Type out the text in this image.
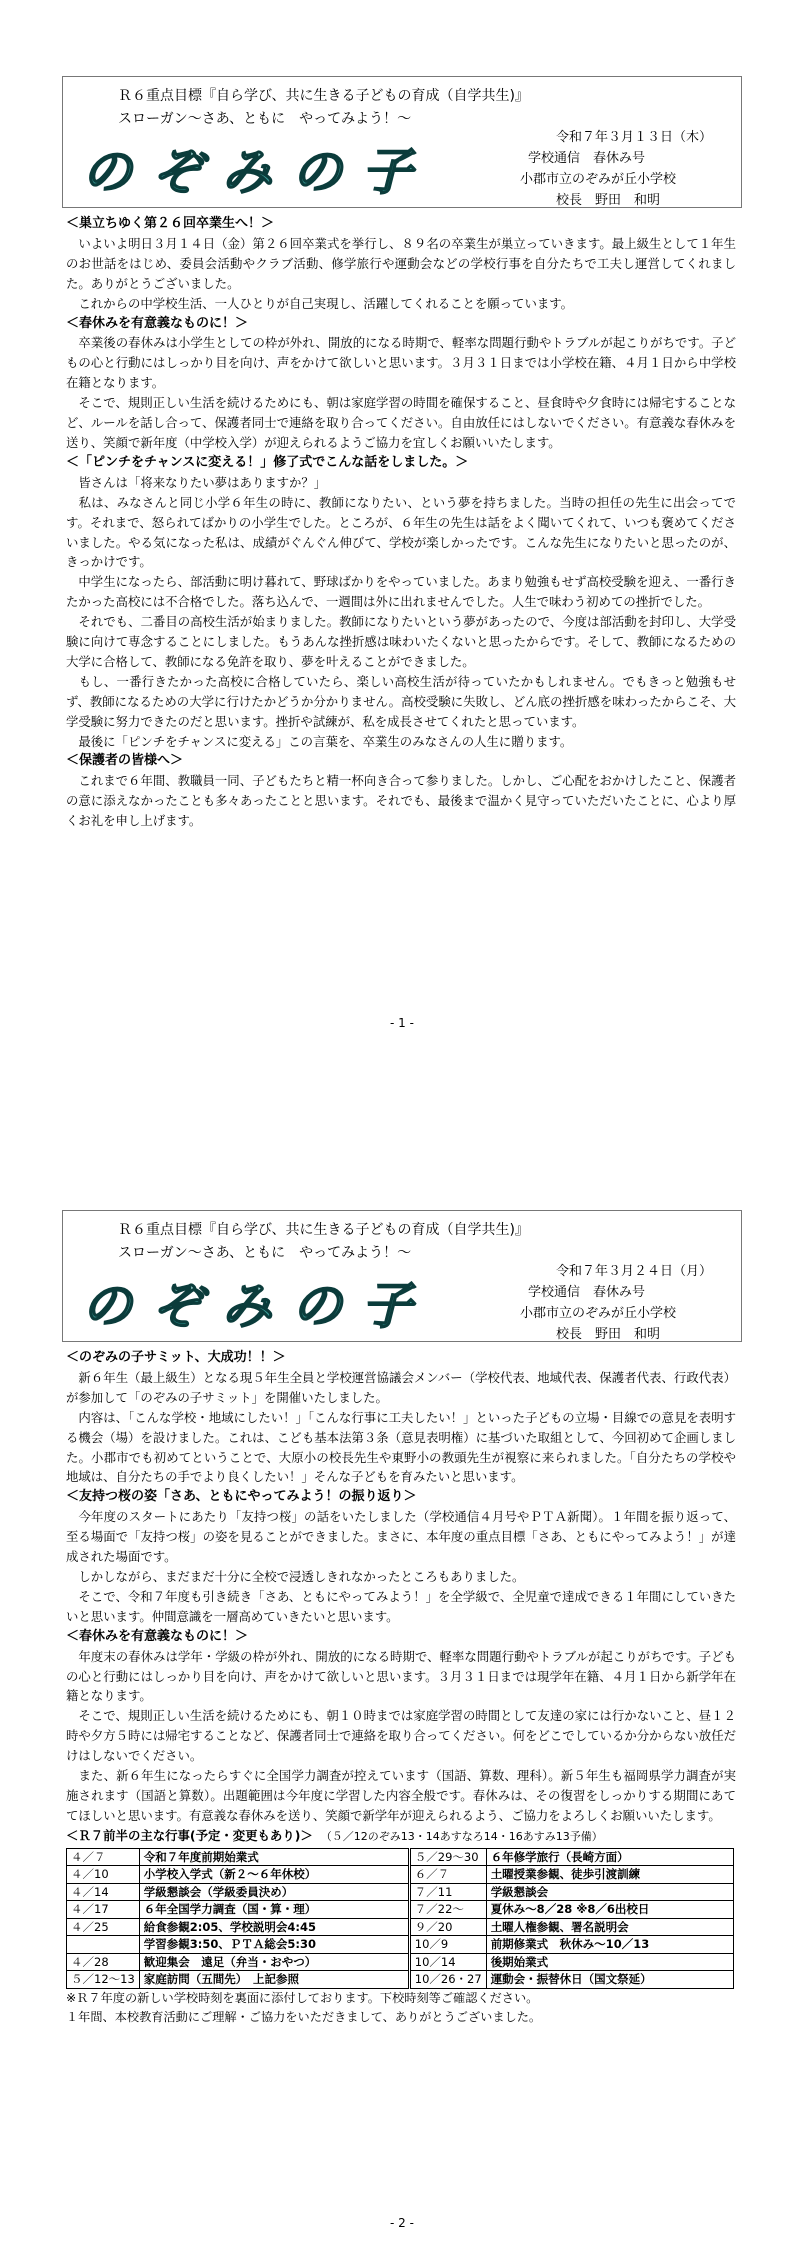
Ｒ６重点目標『自ら学び、共に生きる子どもの育成（自学共生)』
スローガン～さあ、ともに　やってみよう！～
のぞみの子
令和７年３月１３日（木）
学校通信　春休み号
小郡市立のぞみが丘小学校
校長　野田　和明

＜巣立ちゆく第２６回卒業生へ！＞

　いよいよ明日３月１４日（金）第２６回卒業式を挙行し、８９名の卒業生が巣立っていきます。最上級生として１年生のお世話をはじめ、委員会活動やクラブ活動、修学旅行や運動会などの学校行事を自分たちで工夫し運営してくれました。ありがとうございました。

　これからの中学校生活、一人ひとりが自己実現し、活躍してくれることを願っています。

＜春休みを有意義なものに！＞

　卒業後の春休みは小学生としての枠が外れ、開放的になる時期で、軽率な問題行動やトラブルが起こりがちです。子どもの心と行動にはしっかり目を向け、声をかけて欲しいと思います。３月３１日までは小学校在籍、４月１日から中学校在籍となります。

　そこで、規則正しい生活を続けるためにも、朝は家庭学習の時間を確保すること、昼食時や夕食時には帰宅することなど、ルールを話し合って、保護者同士で連絡を取り合ってください。自由放任にはしないでください。有意義な春休みを送り、笑顔で新年度（中学校入学）が迎えられるようご協力を宜しくお願いいたします。

＜「ピンチをチャンスに変える！」修了式でこんな話をしました。＞

　皆さんは「将来なりたい夢はありますか？」

　私は、みなさんと同じ小学６年生の時に、教師になりたい、という夢を持ちました。当時の担任の先生に出会ってです。それまで、怒られてばかりの小学生でした。ところが、６年生の先生は話をよく聞いてくれて、いつも褒めてくださいました。やる気になった私は、成績がぐんぐん伸びて、学校が楽しかったです。こんな先生になりたいと思ったのが、きっかけです。

　中学生になったら、部活動に明け暮れて、野球ばかりをやっていました。あまり勉強もせず高校受験を迎え、一番行きたかった高校には不合格でした。落ち込んで、一週間は外に出れませんでした。人生で味わう初めての挫折でした。

　それでも、二番目の高校生活が始まりました。教師になりたいという夢があったので、今度は部活動を封印し、大学受験に向けて専念することにしました。もうあんな挫折感は味わいたくないと思ったからです。そして、教師になるための大学に合格して、教師になる免許を取り、夢を叶えることができました。

　もし、一番行きたかった高校に合格していたら、楽しい高校生活が待っていたかもしれません。でもきっと勉強もせず、教師になるための大学に行けたかどうか分かりません。高校受験に失敗し、どん底の挫折感を味わったからこそ、大学受験に努力できたのだと思います。挫折や試練が、私を成長させてくれたと思っています。

　最後に「ピンチをチャンスに変える」この言葉を、卒業生のみなさんの人生に贈ります。

＜保護者の皆様へ＞

　これまで６年間、教職員一同、子どもたちと精一杯向き合って参りました。しかし、ご心配をおかけしたこと、保護者の意に添えなかったことも多々あったことと思います。それでも、最後まで温かく見守っていただいたことに、心より厚くお礼を申し上げます。

- 1 -
Ｒ６重点目標『自ら学び、共に生きる子どもの育成（自学共生)』
スローガン～さあ、ともに　やってみよう！～
のぞみの子
令和７年３月２４日（月）
学校通信　春休み号
小郡市立のぞみが丘小学校
校長　野田　和明

＜のぞみの子サミット、大成功！！＞

　新６年生（最上級生）となる現５年生全員と学校運営協議会メンバー（学校代表、地域代表、保護者代表、行政代表）が参加して「のぞみの子サミット」を開催いたしました。

　内容は、「こんな学校・地域にしたい！」「こんな行事に工夫したい！」といった子どもの立場・目線での意見を表明する機会（場）を設けました。これは、こども基本法第３条（意見表明権）に基づいた取組として、今回初めて企画しました。小郡市でも初めてということで、大原小の校長先生や東野小の教頭先生が視察に来られました。「自分たちの学校や地域は、自分たちの手でより良くしたい！」そんな子どもを育みたいと思います。

＜友持つ桜の姿「さあ、ともにやってみよう！の振り返り＞

　今年度のスタートにあたり「友持つ桜」の話をいたしました（学校通信４月号やＰＴＡ新聞）。１年間を振り返って、至る場面で「友持つ桜」の姿を見ることができました。まさに、本年度の重点目標「さあ、ともにやってみよう！」が達成された場面です。

　しかしながら、まだまだ十分に全校で浸透しきれなかったところもありました。

　そこで、令和７年度も引き続き「さあ、ともにやってみよう！」を全学級で、全児童で達成できる１年間にしていきたいと思います。仲間意識を一層高めていきたいと思います。

＜春休みを有意義なものに！＞

　年度末の春休みは学年・学級の枠が外れ、開放的になる時期で、軽率な問題行動やトラブルが起こりがちです。子どもの心と行動にはしっかり目を向け、声をかけて欲しいと思います。３月３１日までは現学年在籍、４月１日から新学年在籍となります。

　そこで、規則正しい生活を続けるためにも、朝１０時までは家庭学習の時間として友達の家には行かないこと、昼１２時や夕方５時には帰宅することなど、保護者同士で連絡を取り合ってください。何をどこでしているか分からない放任だけはしないでください。

　また、新６年生になったらすぐに全国学力調査が控えています（国語、算数、理科）。新５年生も福岡県学力調査が実施されます（国語と算数）。出題範囲は今年度に学習した内容全般です。春休みは、その復習をしっかりする期間にあててほしいと思います。有意義な春休みを送り、笑顔で新学年が迎えられるよう、ご協力をよろしくお願いいたします。

＜Ｒ７前半の主な行事(予定・変更もあり)＞ （５／12のぞみ13・14あすなろ14・16あすみ13予備）
４／７	令和７年度前期始業式	５／29～30	６年修学旅行（長崎方面）
４／10	小学校入学式（新２～６年休校）	６／７	土曜授業参観、徒歩引渡訓練
４／14	学級懇談会（学級委員決め）	７／11	学級懇談会
４／17	６年全国学力調査（国・算・理）	７／22～	夏休み～8／28 ※8／6出校日
４／25	給食参観2:05、学校説明会4:45	９／20	土曜人権参観、署名説明会
	学習参観3:50、ＰＴＡ総会5:30	10／9	前期修業式　秋休み～10／13
４／28	歓迎集会　遠足（弁当・おやつ）	10／14	後期始業式
５／12～13	家庭訪問（五間先）　上記参照	10／26・27	運動会・振替休日（国文祭延）
※Ｒ７年度の新しい学校時刻を裏面に添付しております。下校時刻等ご確認ください。
１年間、本校教育活動にご理解・ご協力をいただきまして、ありがとうございました。
- 2 -
